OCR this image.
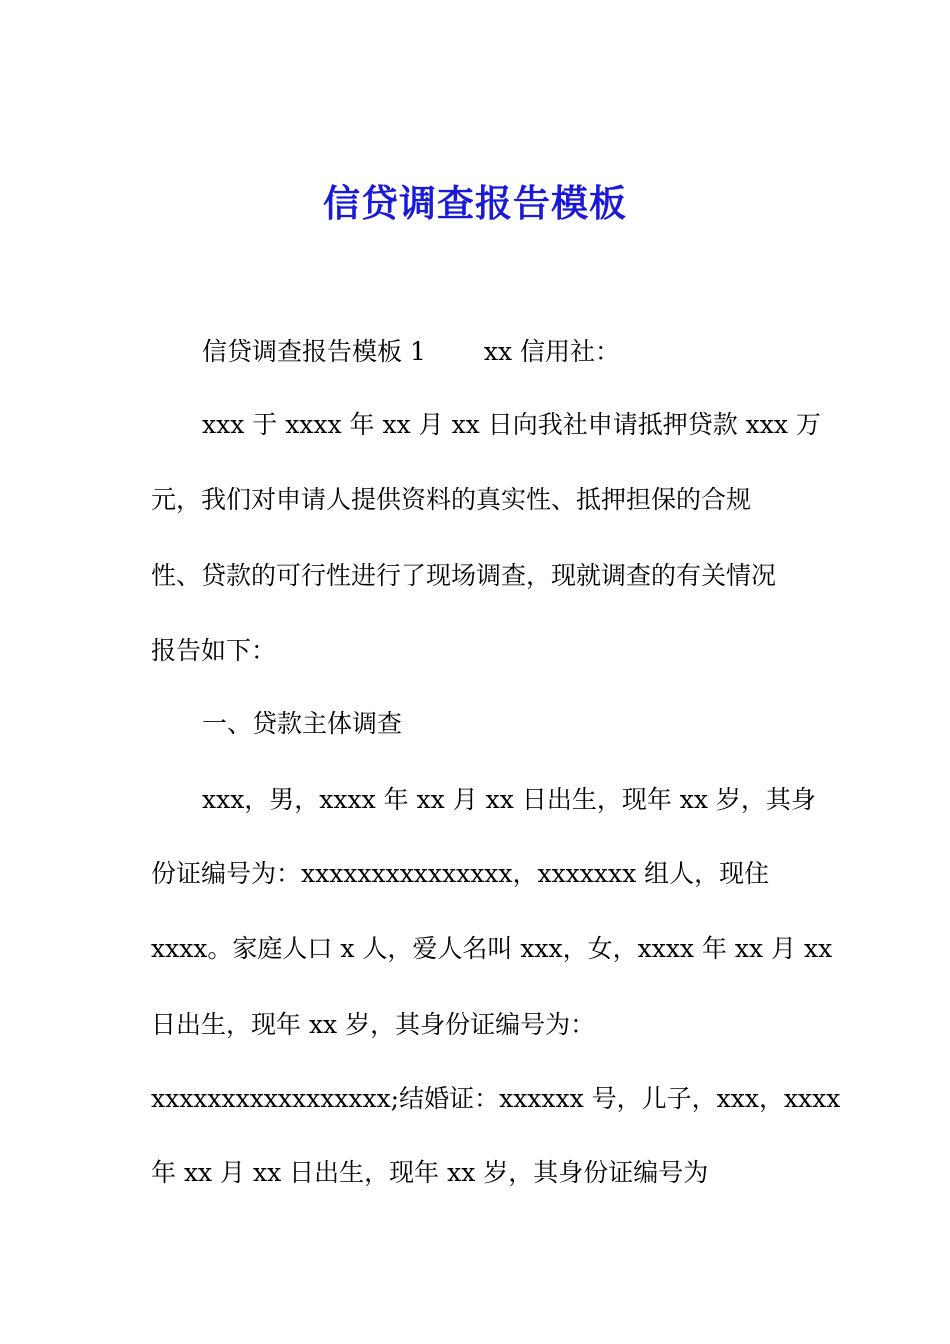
信贷调查报告模板
信贷调查报告模板 1 xx 信用社：
xxx 于 xxxx 年 xx 月 xx 日向我社申请抵押贷款 xxx 万
元，我们对申请人提供资料的真实性、抵押担保的合规
性、贷款的可行性进行了现场调查，现就调查的有关情况
报告如下：
一、贷款主体调查
xxx，男，xxxx 年 xx 月 xx 日出生，现年 xx 岁，其身
份证编号为：xxxxxxxxxxxxxxx，xxxxxxx 组人，现住
xxxx。家庭人口 x 人，爱人名叫 xxx，女，xxxx 年 xx 月 xx
日出生，现年 xx 岁，其身份证编号为：
xxxxxxxxxxxxxxxxx;结婚证：xxxxxx 号，儿子，xxx，xxxx
年 xx 月 xx 日出生，现年 xx 岁，其身份证编号为
